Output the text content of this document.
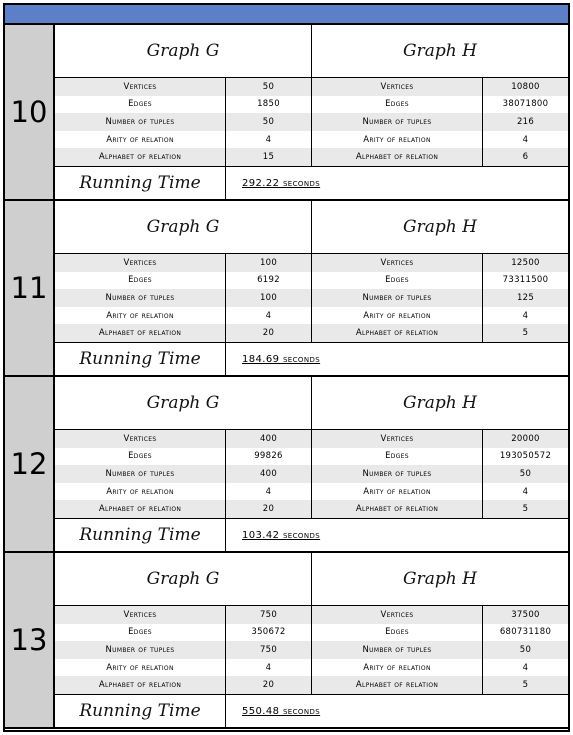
10
Graph G	Graph H
Vertices	50	Vertices	10800
Edges	1850	Edges	38071800
Number of tuples	50	Number of tuples	216
Arity of relation	4	Arity of relation	4
Alphabet of relation	15	Alphabet of relation	6
Running Time	292.22 seconds
11
Graph G	Graph H
Vertices	100	Vertices	12500
Edges	6192	Edges	73311500
Number of tuples	100	Number of tuples	125
Arity of relation	4	Arity of relation	4
Alphabet of relation	20	Alphabet of relation	5
Running Time	184.69 seconds
12
Graph G	Graph H
Vertices	400	Vertices	20000
Edges	99826	Edges	193050572
Number of tuples	400	Number of tuples	50
Arity of relation	4	Arity of relation	4
Alphabet of relation	20	Alphabet of relation	5
Running Time	103.42 seconds
13
Graph G	Graph H
Vertices	750	Vertices	37500
Edges	350672	Edges	680731180
Number of tuples	750	Number of tuples	50
Arity of relation	4	Arity of relation	4
Alphabet of relation	20	Alphabet of relation	5
Running Time	550.48 seconds
